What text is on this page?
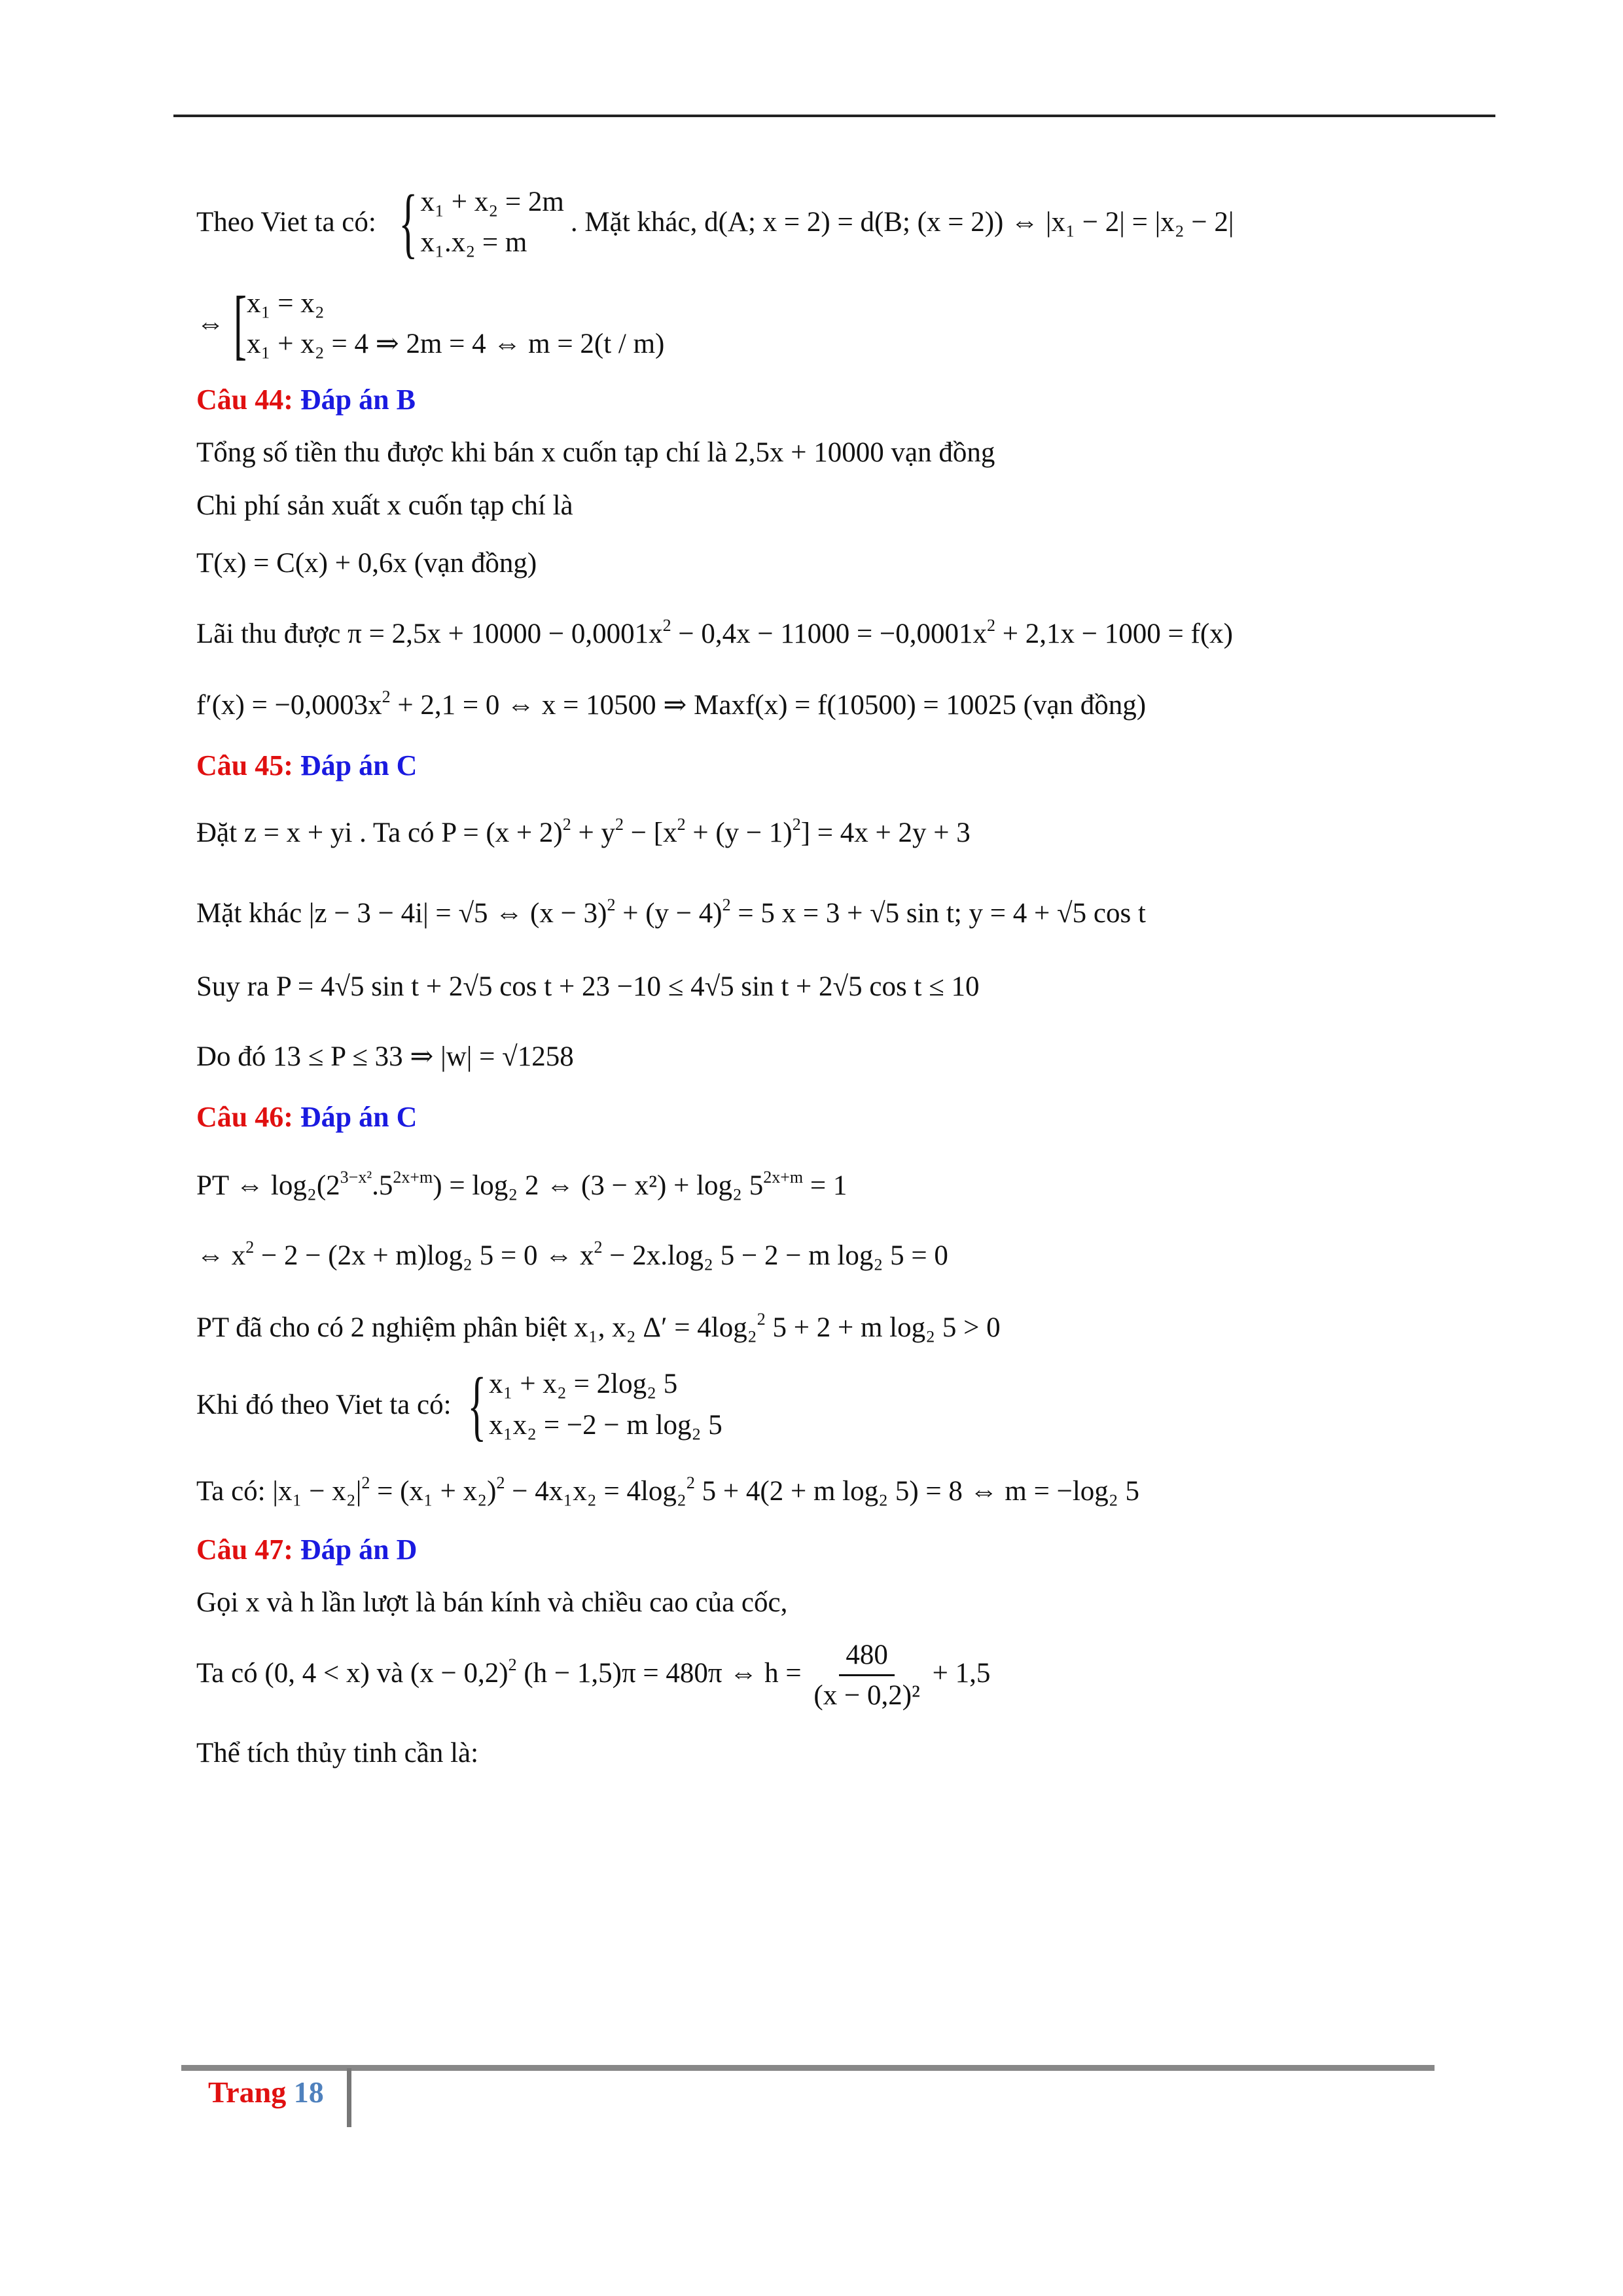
Theo Viet ta có: { x₁ + x₂ = 2m
x₁.x₂ = m
. Mặt khác, d(A; x = 2) = d(B; (x = 2)) ⇔ |x₁ − 2| = |x₂ − 2|
⇔ [ x₁ = x₂
x₁ + x₂ = 4 ⇒ 2m = 4 ⇔ m = 2(t / m)
Câu 44: Đáp án B
Tổng số tiền thu được khi bán x cuốn tạp chí là 2,5x + 10000 vạn đồng
Chi phí sản xuất x cuốn tạp chí là
T(x) = C(x) + 0,6x (vạn đồng)
Lãi thu được $\pi = 2,5x + 10000 - 0,0001x^2 - 0,4x - 11000 = -0,0001x^2 + 2,1x - 1000 = f(x)$
$f'(x) = -0,0003x^2 + 2,1 = 0$ ⇔ x = 10500 ⇒ Maxf(x) = f(10500) = 10025 (vạn đồng)
Câu 45: Đáp án C
Đặt z = x + yi . Ta có $P = (x + 2)^2 + y^2 - [x^2 + (y - 1)^2] = 4x + 2y + 3$
Mặt khác |z − 3 − 4i| = √5 ⇔ $(x - 3)^2 + (y - 4)^2 = 5$ x = 3 + √5 sin t; y = 4 + √5 cos t
Suy ra P = 4√5 sin t + 2√5 cos t + 23 −10 ≤ 4√5 sin t + 2√5 cos t ≤ 10
Do đó 13 ≤ P ≤ 33 ⇒ |w| = √1258
Câu 46: Đáp án C
PT ⇔ $\log_2(2^{3-x^2}.5^{2x+m}) = \log_2$ 2 ⇔ (3 − x²) + log₂ $5^{2x+m} = 1$
⇔ $x^2 - 2 - (2x + m)\log_2$ 5 = 0 ⇔ $x^2 - 2x.\log_2$ 5 − 2 − m log₂ 5 = 0
PT đã cho có 2 nghiệm phân biệt x₁, x₂ Δ′ = 4log₂$^2$ 5 + 2 + m log₂ 5 > 0
Khi đó theo Viet ta có: { x₁ + x₂ = 2log₂ 5
x₁x₂ = −2 − m log₂ 5
Ta có: $|x_1 - x_2|^2 = (x_1 + x_2)^2 - 4x_1x_2 = 4\log_2^2$ 5 + 4(2 + m log₂ 5) = 8 ⇔ m = −log₂ 5
Câu 47: Đáp án D
Gọi x và h lần lượt là bán kính và chiều cao của cốc,
Ta có (0, 4 < x) và $(x - 0,2)^2$ (h − 1,5)π = 480π ⇔ $h = \frac{480}{\text{(x − 0,2)²}} + 1,5$
Thể tích thủy tinh cần là:
Trang 18
